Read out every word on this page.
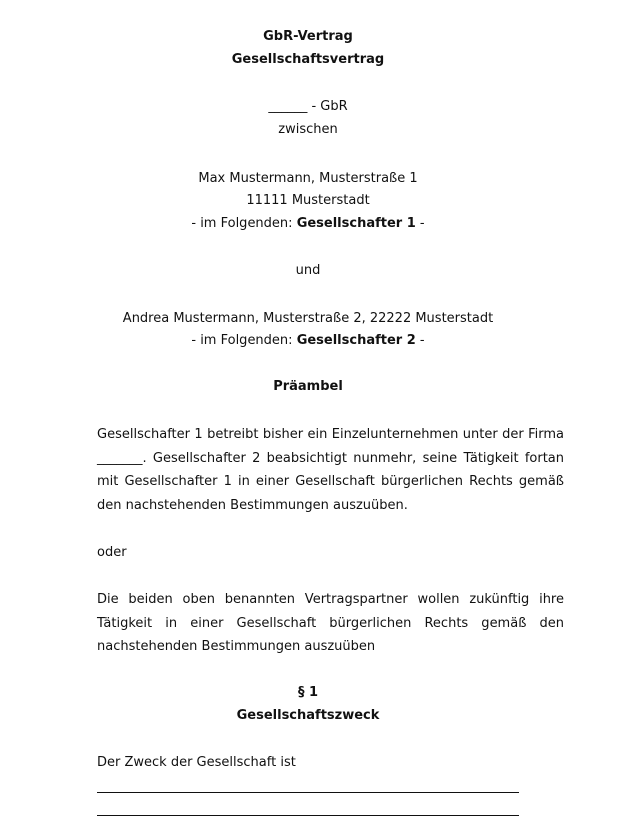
GbR-Vertrag
Gesellschaftsvertrag
______ - GbR
zwischen
Max Mustermann, Musterstraße 1
11111 Musterstadt
- im Folgenden: Gesellschafter 1 -
und
Andrea Mustermann, Musterstraße 2, 22222 Musterstadt
- im Folgenden: Gesellschafter 2 -
Präambel
Gesellschafter 1 betreibt bisher ein Einzelunternehmen unter der Firma _______. Gesellschafter 2 beabsichtigt nunmehr, seine Tätigkeit fortan mit Gesellschafter 1 in einer Gesellschaft bürgerlichen Rechts gemäß den nachstehenden Bestimmungen auszuüben.
oder
Die beiden oben benannten Vertragspartner wollen zukünftig ihre Tätigkeit in einer Gesellschaft bürgerlichen Rechts gemäß den nachstehenden Bestimmungen auszuüben
§ 1
Gesellschaftszweck
Der Zweck der Gesellschaft ist
